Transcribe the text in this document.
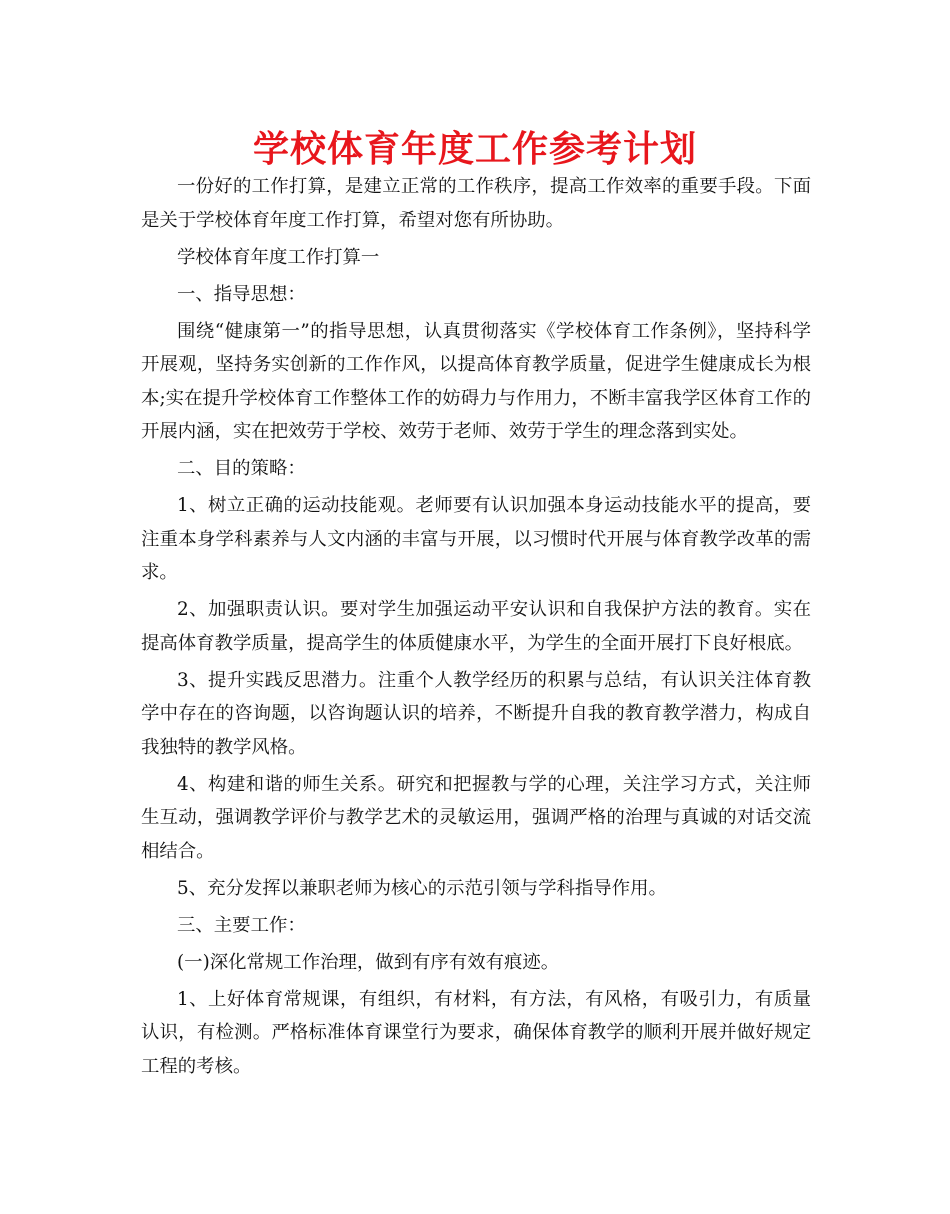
学校体育年度工作参考计划

一份好的工作打算，是建立正常的工作秩序，提高工作效率的重要手段。下面是关于学校体育年度工作打算，希望对您有所协助。

学校体育年度工作打算一

一、指导思想：

围绕“健康第一”的指导思想，认真贯彻落实《学校体育工作条例》，坚持科学开展观，坚持务实创新的工作作风，以提高体育教学质量，促进学生健康成长为根本;实在提升学校体育工作整体工作的妨碍力与作用力，不断丰富我学区体育工作的开展内涵，实在把效劳于学校、效劳于老师、效劳于学生的理念落到实处。

二、目的策略：

1、树立正确的运动技能观。老师要有认识加强本身运动技能水平的提高，要注重本身学科素养与人文内涵的丰富与开展，以习惯时代开展与体育教学改革的需求。

2、加强职责认识。要对学生加强运动平安认识和自我保护方法的教育。实在提高体育教学质量，提高学生的体质健康水平，为学生的全面开展打下良好根底。

3、提升实践反思潜力。注重个人教学经历的积累与总结，有认识关注体育教学中存在的咨询题，以咨询题认识的培养，不断提升自我的教育教学潜力，构成自我独特的教学风格。

4、构建和谐的师生关系。研究和把握教与学的心理，关注学习方式，关注师生互动，强调教学评价与教学艺术的灵敏运用，强调严格的治理与真诚的对话交流相结合。

5、充分发挥以兼职老师为核心的示范引领与学科指导作用。

三、主要工作：

(一)深化常规工作治理，做到有序有效有痕迹。

1、上好体育常规课，有组织，有材料，有方法，有风格，有吸引力，有质量认识，有检测。严格标准体育课堂行为要求，确保体育教学的顺利开展并做好规定工程的考核。
